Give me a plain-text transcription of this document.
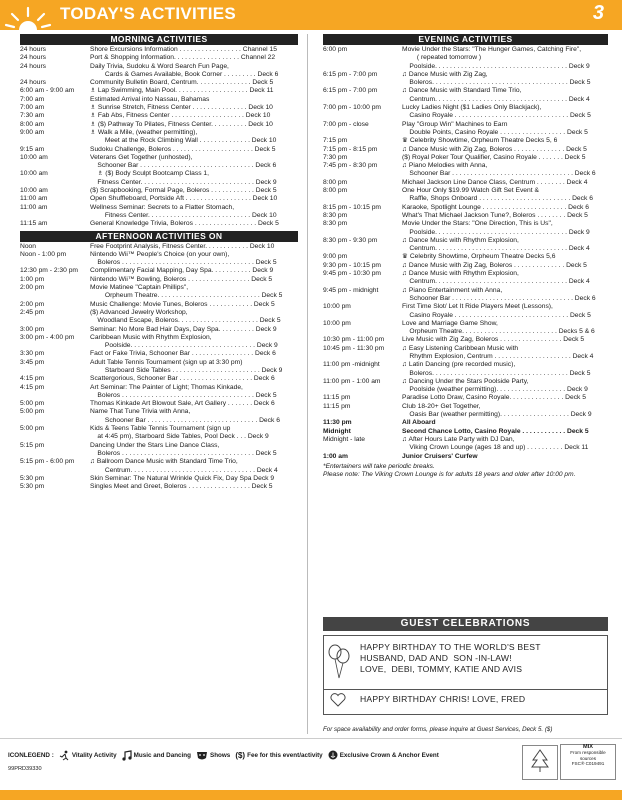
TODAY'S ACTIVITIES	3
MORNING ACTIVITIES
24 hours	Shore Excursions Information . . . . . . . . . . . . . . . . . Channel 15
24 hours	Port & Shopping Information. . . . . . . . . . . . . . . . . . Channel 22
24 hours	Daily Trivia, Sudoku & Word Search Fun Page,
Cards & Games Available, Book Corner . . . . . . . . . Deck 6
24 hours	Community Bulletin Board, Centrum. . . . . . . . . . . . . . . Deck 5
6:00 am - 9:00 am	♗ Lap Swimming, Main Pool. . . . . . . . . . . . . . . . . . . . Deck 11
7:00 am	Estimated Arrival into Nassau, Bahamas
7:00 am	♗ Sunrise Stretch, Fitness Center . . . . . . . . . . . . . . . Deck 10
7:30 am	♗ Fab Abs, Fitness Center . . . . . . . . . . . . . . . . . . . . Deck 10
8:00 am	♗ ($) Pathway To Pilates, Fitness Center. . . . . . . . . . Deck 10
9:00 am	♗ Walk a Mile, (weather permitting),
Meet at the Rock Climbing Wall . . . . . . . . . . . . . . Deck 10
9:15 am	Sudoku Challenge, Boleros . . . . . . . . . . . . . . . . . . . . . . Deck 5
10:00 am	Veterans Get Together (unhosted),
Schooner Bar . . . . . . . . . . . . . . . . . . . . . . . . . . . . . . . Deck 6
10:00 am	♗ ($) Body Sculpt Bootcamp Class 1,
Fitness Center. . . . . . . . . . . . . . . . . . . . . . . . . . . . . . . Deck 9
10:00 am	($) Scrapbooking, Formal Page, Boleros . . . . . . . . . . . . Deck 5
11:00 am	Open Shuffleboard, Portside Aft . . . . . . . . . . . . . . . . . . Deck 10
11:00 am	Wellness Seminar: Secrets to a Flatter Stomach,
Fitness Center. . . . . . . . . . . . . . . . . . . . . . . . . . . . Deck 10
11:15 am	General Knowledge Trivia, Boleros . . . . . . . . . . . . . . . . . Deck 5
AFTERNOON ACTIVITIES ON
Noon	Free Footprint Analysis, Fitness Center. . . . . . . . . . . . Deck 10
Noon - 1:00 pm	Nintendo Wii™ People's Choice (on your own),
Boleros . . . . . . . . . . . . . . . . . . . . . . . . . . . . . . . . . . . . Deck 5
12:30 pm - 2:30 pm	Complimentary Facial Mapping, Day Spa. . . . . . . . . . . Deck 9
1:00 pm	Nintendo Wii™ Bowling, Boleros . . . . . . . . . . . . . . . . . Deck 5
2:00 pm	Movie Matinee "Captain Phillips",
Orpheum Theatre. . . . . . . . . . . . . . . . . . . . . . . . . . . . Deck 5
2:00 pm	Music Challenge: Movie Tunes, Boleros . . . . . . . . . . . . Deck 5
2:45 pm	($) Advanced Jewelry Workshop,
Woodland Escape, Boleros. . . . . . . . . . . . . . . . . . . . . . Deck 5
3:00 pm	Seminar: No More Bad Hair Days, Day Spa. . . . . . . . . . Deck 9
3:00 pm - 4:00 pm	Caribbean Music with Rhythm Explosion,
Poolside. . . . . . . . . . . . . . . . . . . . . . . . . . . . . . . . . . Deck 9
3:30 pm	Fact or Fake Trivia, Schooner Bar . . . . . . . . . . . . . . . . . Deck 6
3:45 pm	Adult Table Tennis Tournament (sign up at 3:30 pm)
Starboard Side Tables . . . . . . . . . . . . . . . . . . . . . . . . Deck 9
4:15 pm	Scattergorious, Schooner Bar . . . . . . . . . . . . . . . . . . . . Deck 6
4:15 pm	Art Seminar: The Painter of Light; Thomas Kinkade,
Boleros . . . . . . . . . . . . . . . . . . . . . . . . . . . . . . . . . . . . Deck 5
5:00 pm	Thomas Kinkade Art Blowout Sale, Art Gallery . . . . . . . Deck 6
5:00 pm	Name That Tune Trivia with Anna,
Schooner Bar . . . . . . . . . . . . . . . . . . . . . . . . . . . . . . Deck 6
5:00 pm	Kids & Teens Table Tennis Tournament (sign up
at 4:45 pm), Starboard Side Tables, Pool Deck . . . Deck 9
5:15 pm	Dancing Under the Stars Line Dance Class,
Boleros . . . . . . . . . . . . . . . . . . . . . . . . . . . . . . . . . . . . Deck 5
5:15 pm - 6:00 pm	♫ Ballroom Dance Music with Standard Time Trio,
Centrum. . . . . . . . . . . . . . . . . . . . . . . . . . . . . . . . . . Deck 4
5:30 pm	Skin Seminar: The Natural Wrinkle Quick Fix, Day Spa Deck 9
5:30 pm	Singles Meet and Greet, Boleros . . . . . . . . . . . . . . . . . Deck 5
EVENING ACTIVITIES
6:00 pm	Movie Under the Stars: "The Hunger Games, Catching Fire",
( repeated tomorrow )
Poolside. . . . . . . . . . . . . . . . . . . . . . . . . . . . . . . . . . . . Deck 9
6:15 pm - 7:00 pm	♫ Dance Music with Zig Zag,
Boleros. . . . . . . . . . . . . . . . . . . . . . . . . . . . . . . . . . . . . Deck 5
6:15 pm - 7:00 pm	♫ Dance Music with Standard Time Trio,
Centrum. . . . . . . . . . . . . . . . . . . . . . . . . . . . . . . . . . . . Deck 4
7:00 pm - 10:00 pm	Lucky Ladies Night ($1 Ladies Only Blackjack),
Casino Royale . . . . . . . . . . . . . . . . . . . . . . . . . . . . . . . Deck 5
7:00 pm - close	Play "Group Win" Machines to Earn
Double Points, Casino Royale . . . . . . . . . . . . . . . . . . Deck 5
7:15 pm	♛ Celebrity Showtime, Orpheum Theatre Decks 5, 6
7:15 pm - 8:15 pm	♫ Dance Music with Zig Zag, Boleros . . . . . . . . . . . . . . Deck 5
7:30 pm	($) Royal Poker Tour Qualifier, Casino Royale . . . . . . . Deck 5
7:45 pm - 8:30 pm	♫ Piano Melodies with Anna,
Schooner Bar . . . . . . . . . . . . . . . . . . . . . . . . . . . . . . . . . Deck 6
8:00 pm	Michael Jackson Line Dance Class, Centrum . . . . . . . . Deck 4
8:00 pm	One Hour Only $19.99 Watch Gift Set Event &
Raffle, Shops Onboard . . . . . . . . . . . . . . . . . . . . . . . . . Deck 6
8:15 pm - 10:15 pm	Karaoke, Spotlight Lounge . . . . . . . . . . . . . . . . . . . . . . . Deck 6
8:30 pm	What's That Michael Jackson Tune?, Boleros . . . . . . . . Deck 5
8:30 pm	Movie Under the Stars: "One Direction, This is Us",
Poolside. . . . . . . . . . . . . . . . . . . . . . . . . . . . . . . . . . . . Deck 9
8:30 pm - 9:30 pm	♫ Dance Music with Rhythm Explosion,
Centrum. . . . . . . . . . . . . . . . . . . . . . . . . . . . . . . . . . . . Deck 4
9:00 pm	♛ Celebrity Showtime, Orpheum Theatre Decks 5,6
9:30 pm - 10:15 pm	♫ Dance Music with Zig Zag, Boleros . . . . . . . . . . . . . . Deck 5
9:45 pm - 10:30 pm	♫ Dance Music with Rhythm Explosion,
Centrum. . . . . . . . . . . . . . . . . . . . . . . . . . . . . . . . . . . . Deck 4
9:45 pm - midnight	♫ Piano Entertainment with Anna,
Schooner Bar . . . . . . . . . . . . . . . . . . . . . . . . . . . . . . . . . Deck 6
10:00 pm	First Time Slot/ Let It Ride Players Meet (Lessons),
Casino Royale . . . . . . . . . . . . . . . . . . . . . . . . . . . . . . . Deck 5
10:00 pm	Love and Marriage Game Show,
Orpheum Theatre. . . . . . . . . . . . . . . . . . . . . . . . . . Decks 5 & 6
10:30 pm - 11:00 pm	Live Music with Zig Zag, Boleros . . . . . . . . . . . . . . . . . Deck 5
10:45 pm - 11:30 pm	♫ Easy Listening Caribbean Music with
Rhythm Explosion, Centrum . . . . . . . . . . . . . . . . . . . . . Deck 4
11:00 pm -midnight	♫ Latin Dancing (pre recorded music),
Boleros. . . . . . . . . . . . . . . . . . . . . . . . . . . . . . . . . . . . . Deck 5
11:00 pm - 1:00 am	♫ Dancing Under the Stars Poolside Party,
Poolside (weather permitting). . . . . . . . . . . . . . . . . . . Deck 9
11:15 pm	Paradise Lotto Draw, Casino Royale. . . . . . . . . . . . . . . Deck 5
11:15 pm	Club 18-20+ Get Together,
Oasis Bar (weather permitting). . . . . . . . . . . . . . . . . . . Deck 9
11:30 pm	All Aboard
Midnight	Second Chance Lotto, Casino Royale . . . . . . . . . . . . Deck 5
Midnight - late	♫ After Hours Late Party with DJ Dan,
Viking Crown Lounge (ages 18 and up) . . . . . . . . . . Deck 11
1:00 am	Junior Cruisers' Curfew
*Entertainers will take periodic breaks.
Please note: The Viking Crown Lounge is for adults 18 years and older after 10:00 pm.
GUEST CELEBRATIONS
HAPPY BIRTHDAY TO THE WORLD'S BEST
HUSBAND, DAD AND  SON -IN-LAW!
LOVE,  DEBI, TOMMY, KATIE AND AVIS
HAPPY BIRTHDAY CHRIS! LOVE, FRED
For space availability and order forms, please inquire at Guest Services, Deck 5. ($)
ICONLEGEND :	Vitality Activity	Music and Dancing	Shows ($) Fee for this event/activity	Exclusive Crown & Anchor Event
99PRD39330
MIX
From responsible
sources
FSC® C019491
